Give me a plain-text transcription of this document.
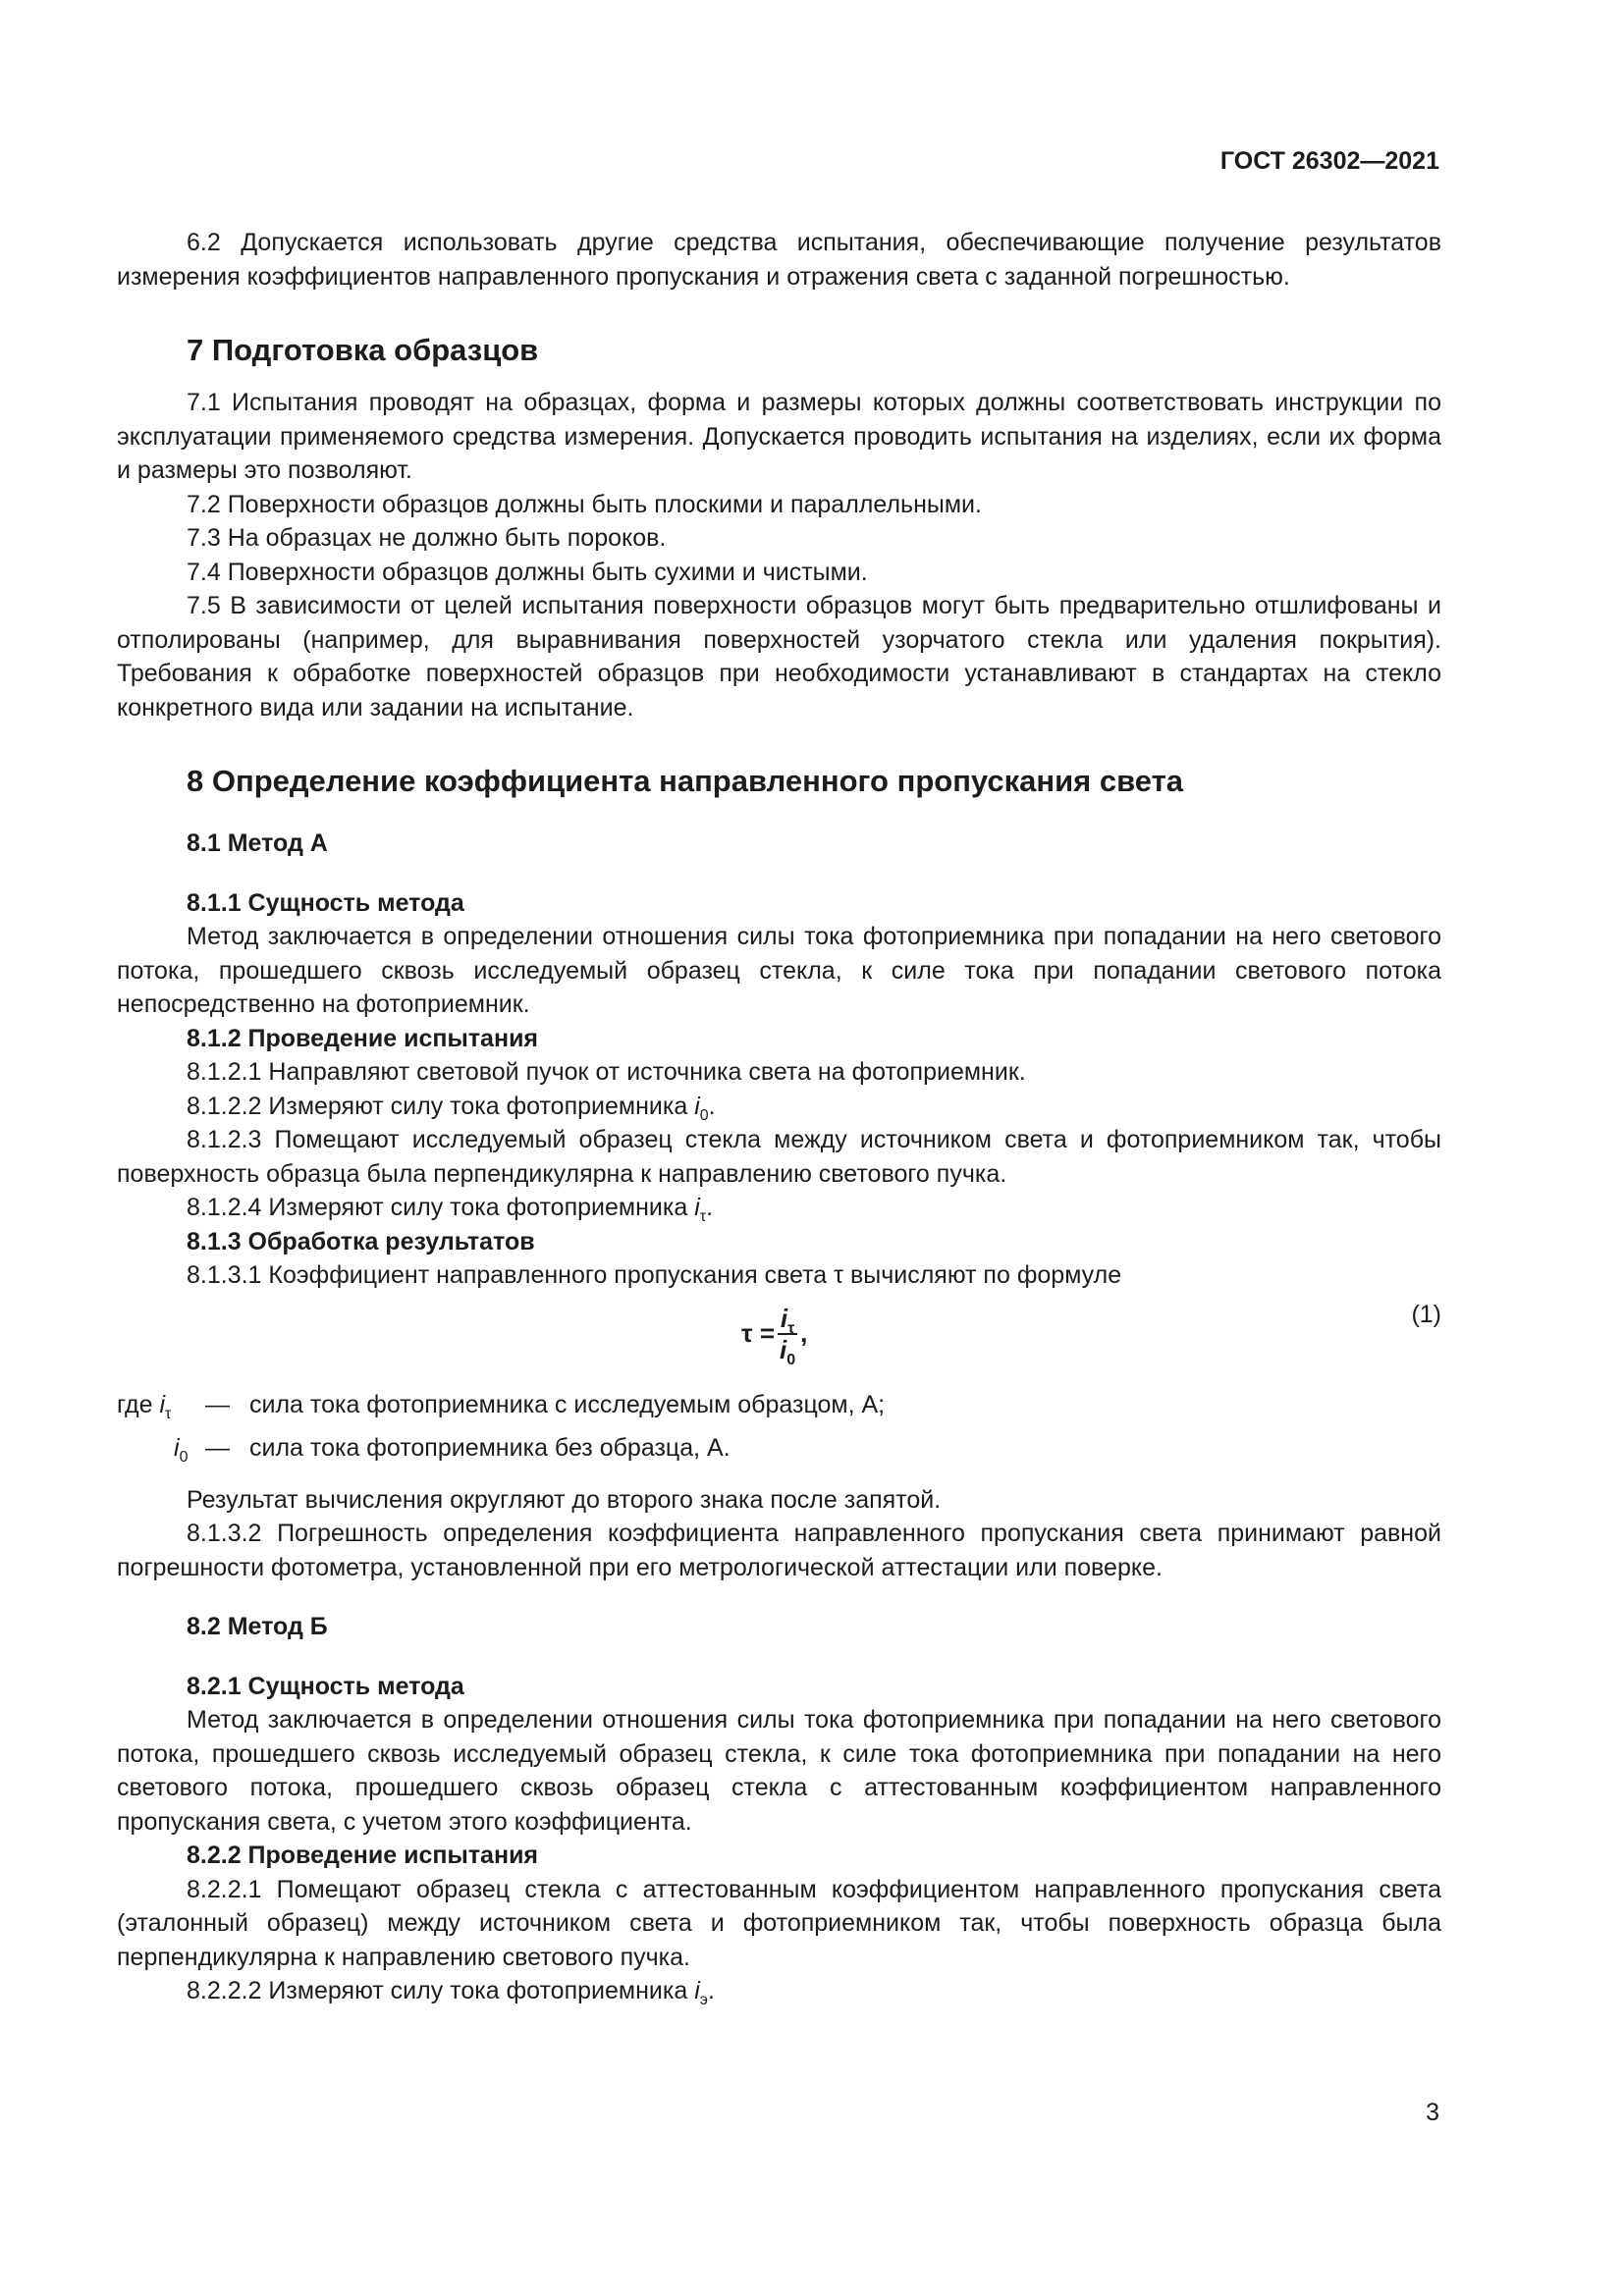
ГОСТ 26302—2021

6.2 Допускается использовать другие средства испытания, обеспечивающие получение результатов измерения коэффициентов направленного пропускания и отражения света с заданной погрешностью.

7 Подготовка образцов

7.1 Испытания проводят на образцах, форма и размеры которых должны соответствовать инструкции по эксплуатации применяемого средства измерения. Допускается проводить испытания на изделиях, если их форма и размеры это позволяют.

7.2 Поверхности образцов должны быть плоскими и параллельными.

7.3 На образцах не должно быть пороков.

7.4 Поверхности образцов должны быть сухими и чистыми.

7.5 В зависимости от целей испытания поверхности образцов могут быть предварительно отшлифованы и отполированы (например, для выравнивания поверхностей узорчатого стекла или удаления покрытия). Требования к обработке поверхностей образцов при необходимости устанавливают в стандартах на стекло конкретного вида или задании на испытание.

8 Определение коэффициента направленного пропускания света
8.1 Метод А
8.1.1 Сущность метода

Метод заключается в определении отношения силы тока фотоприемника при попадании на него светового потока, прошедшего сквозь исследуемый образец стекла, к силе тока при попадании светового потока непосредственно на фотоприемник.

8.1.2 Проведение испытания

8.1.2.1 Направляют световой пучок от источника света на фотоприемник.

8.1.2.2 Измеряют силу тока фотоприемника $i_0$.

8.1.2.3 Помещают исследуемый образец стекла между источником света и фотоприемником так, чтобы поверхность образца была перпендикулярна к направлению светового пучка.

8.1.2.4 Измеряют силу тока фотоприемника $i_\tau$.

8.1.3 Обработка результатов

8.1.3.1 Коэффициент направленного пропускания света τ вычисляют по формуле

$\tau = \frac{i_\tau}{i_0}$ ,
(1)
где $i_\tau$ — сила тока фотоприемника с исследуемым образцом, А;
$i_0$ — сила тока фотоприемника без образца, А.

Результат вычисления округляют до второго знака после запятой.

8.1.3.2 Погрешность определения коэффициента направленного пропускания света принимают равной погрешности фотометра, установленной при его метрологической аттестации или поверке.

8.2 Метод Б
8.2.1 Сущность метода

Метод заключается в определении отношения силы тока фотоприемника при попадании на него светового потока, прошедшего сквозь исследуемый образец стекла, к силе тока фотоприемника при попадании на него светового потока, прошедшего сквозь образец стекла с аттестованным коэффициентом направленного пропускания света, с учетом этого коэффициента.

8.2.2 Проведение испытания

8.2.2.1 Помещают образец стекла с аттестованным коэффициентом направленного пропускания света (эталонный образец) между источником света и фотоприемником так, чтобы поверхность образца была перпендикулярна к направлению светового пучка.

8.2.2.2 Измеряют силу тока фотоприемника $i_э$.

3
